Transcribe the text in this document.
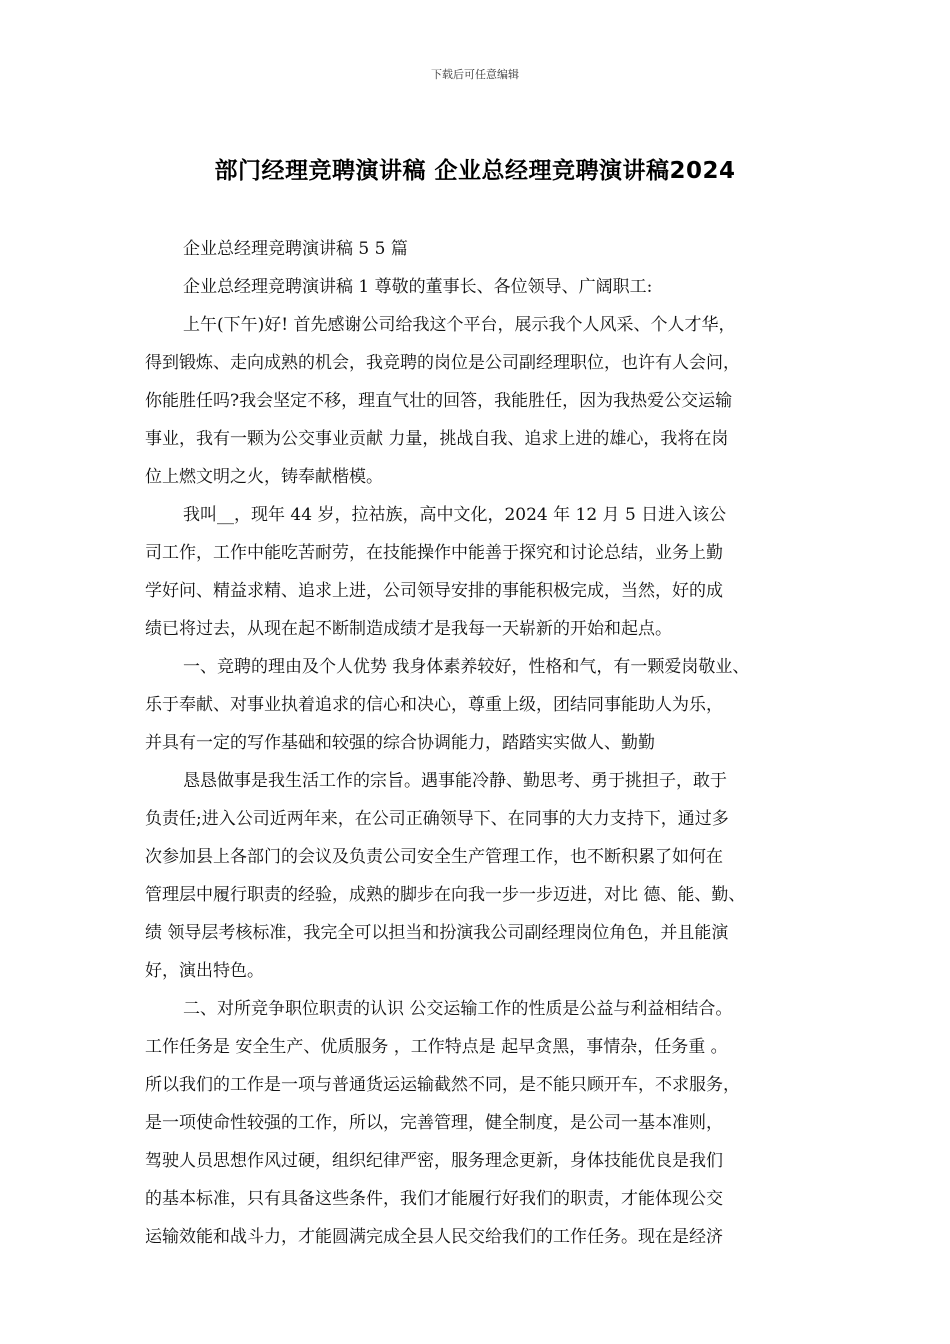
下载后可任意编辑
部门经理竞聘演讲稿 企业总经理竞聘演讲稿2024
企业总经理竞聘演讲稿 5 5 篇
企业总经理竞聘演讲稿 1 尊敬的董事长、各位领导、广阔职工:
上午(下午)好! 首先感谢公司给我这个平台，展示我个人风采、个人才华，
得到锻炼、走向成熟的机会，我竞聘的岗位是公司副经理职位，也许有人会问，
你能胜任吗?我会坚定不移，理直气壮的回答，我能胜任，因为我热爱公交运输
事业，我有一颗为公交事业贡献 力量，挑战自我、追求上进的雄心，我将在岗
位上燃文明之火，铸奉献楷模。
我叫__，现年 44 岁，拉祜族，高中文化，2024 年 12 月 5 日进入该公
司工作，工作中能吃苦耐劳，在技能操作中能善于探究和讨论总结，业务上勤
学好问、精益求精、追求上进，公司领导安排的事能积极完成，当然，好的成
绩已将过去，从现在起不断制造成绩才是我每一天崭新的开始和起点。
一、竞聘的理由及个人优势 我身体素养较好，性格和气，有一颗爱岗敬业、
乐于奉献、对事业执着追求的信心和决心，尊重上级，团结同事能助人为乐，
并具有一定的写作基础和较强的综合协调能力，踏踏实实做人、勤勤
恳恳做事是我生活工作的宗旨。遇事能冷静、勤思考、勇于挑担子，敢于
负责任;进入公司近两年来，在公司正确领导下、在同事的大力支持下，通过多
次参加县上各部门的会议及负责公司安全生产管理工作，也不断积累了如何在
管理层中履行职责的经验，成熟的脚步在向我一步一步迈进，对比 德、能、勤、
绩 领导层考核标准，我完全可以担当和扮演我公司副经理岗位角色，并且能演
好，演出特色。
二、对所竞争职位职责的认识 公交运输工作的性质是公益与利益相结合。
工作任务是 安全生产、优质服务 ，工作特点是 起早贪黑，事情杂，任务重 。
所以我们的工作是一项与普通货运运输截然不同，是不能只顾开车，不求服务，
是一项使命性较强的工作，所以，完善管理，健全制度，是公司一基本准则，
驾驶人员思想作风过硬，组织纪律严密，服务理念更新，身体技能优良是我们
的基本标准，只有具备这些条件，我们才能履行好我们的职责，才能体现公交
运输效能和战斗力，才能圆满完成全县人民交给我们的工作任务。现在是经济
